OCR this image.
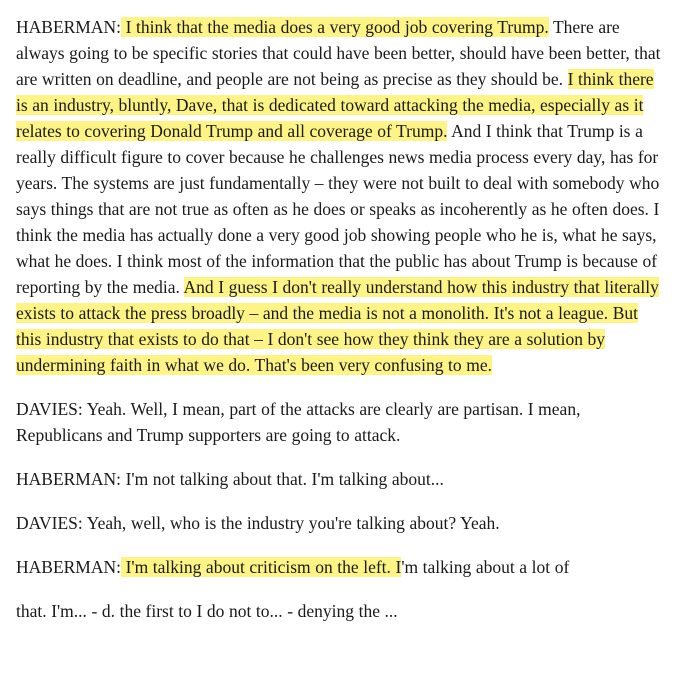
HABERMAN: I think that the media does a very good job covering Trump. There are always going to be specific stories that could have been better, should have been better, that are written on deadline, and people are not being as precise as they should be. I think there is an industry, bluntly, Dave, that is dedicated toward attacking the media, especially as it relates to covering Donald Trump and all coverage of Trump. And I think that Trump is a really difficult figure to cover because he challenges news media process every day, has for years. The systems are just fundamentally – they were not built to deal with somebody who says things that are not true as often as he does or speaks as incoherently as he often does. I think the media has actually done a very good job showing people who he is, what he says, what he does. I think most of the information that the public has about Trump is because of reporting by the media. And I guess I don't really understand how this industry that literally exists to attack the press broadly – and the media is not a monolith. It's not a league. But this industry that exists to do that – I don't see how they think they are a solution by undermining faith in what we do. That's been very confusing to me.

DAVIES: Yeah. Well, I mean, part of the attacks are clearly are partisan. I mean, Republicans and Trump supporters are going to attack.

HABERMAN: I'm not talking about that. I'm talking about...

DAVIES: Yeah, well, who is the industry you're talking about? Yeah.

HABERMAN: I'm talking about criticism on the left. I'm talking about a lot of

that. I'm... - d. the first to I do not to... - denying the ...
